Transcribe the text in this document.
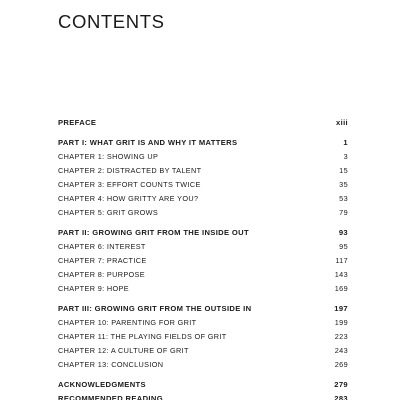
CONTENTS
PREFACE	xiii
PART I: WHAT GRIT IS AND WHY IT MATTERS	1
CHAPTER 1: SHOWING UP	3
CHAPTER 2: DISTRACTED BY TALENT	15
CHAPTER 3: EFFORT COUNTS TWICE	35
CHAPTER 4: HOW GRITTY ARE YOU?	53
CHAPTER 5: GRIT GROWS	79
PART II: GROWING GRIT FROM THE INSIDE OUT	93
CHAPTER 6: INTEREST	95
CHAPTER 7: PRACTICE	117
CHAPTER 8: PURPOSE	143
CHAPTER 9: HOPE	169
PART III: GROWING GRIT FROM THE OUTSIDE IN	197
CHAPTER 10: PARENTING FOR GRIT	199
CHAPTER 11: THE PLAYING FIELDS OF GRIT	223
CHAPTER 12: A CULTURE OF GRIT	243
CHAPTER 13: CONCLUSION	269
ACKNOWLEDGMENTS	279
RECOMMENDED READING	283
